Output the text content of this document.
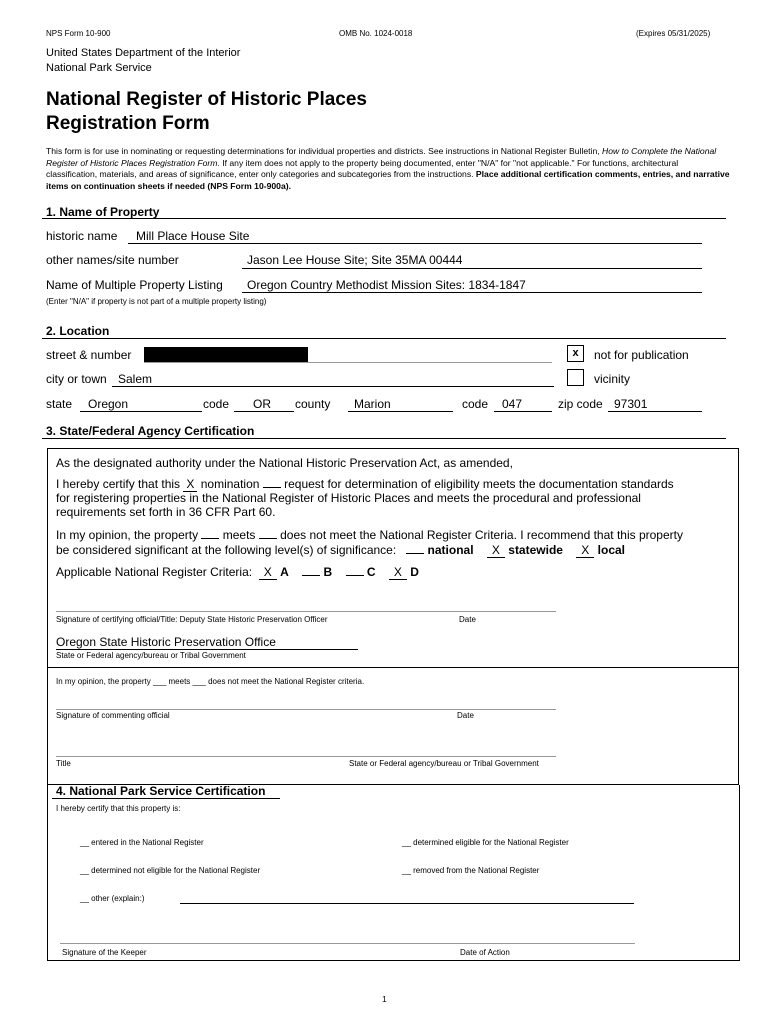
NPS Form 10-900	OMB No. 1024-0018	(Expires 05/31/2025)
United States Department of the Interior
National Park Service
National Register of Historic Places
Registration Form
This form is for use in nominating or requesting determinations for individual properties and districts. See instructions in National Register Bulletin, How to Complete the National Register of Historic Places Registration Form. If any item does not apply to the property being documented, enter "N/A" for "not applicable." For functions, architectural classification, materials, and areas of significance, enter only categories and subcategories from the instructions. Place additional certification comments, entries, and narrative items on continuation sheets if needed (NPS Form 10-900a).
1. Name of Property
historic name Mill Place House Site
other names/site number	Jason Lee House Site; Site 35MA 00444
Name of Multiple Property Listing Oregon Country Methodist Mission Sites: 1834-1847
(Enter "N/A" if property is not part of a multiple property listing)
2. Location
street & number	x	not for publication
city or town Salem	vicinity
state Oregon	code OR county Marion	code 047	zip code 97301
3. State/Federal Agency Certification
As the designated authority under the National Historic Preservation Act, as amended,
I hereby certify that this X nomination  request for determination of eligibility meets the documentation standards
for registering properties in the National Register of Historic Places and meets the procedural and professional
requirements set forth in 36 CFR Part 60.
In my opinion, the property  meets  does not meet the National Register Criteria. I recommend that this property
be considered significant at the following level(s) of significance:	national X statewide X local
Applicable National Register Criteria: X A	B	C X D
Signature of certifying official/Title: Deputy State Historic Preservation Officer	Date
Oregon State Historic Preservation Office
State or Federal agency/bureau or Tribal Government
In my opinion, the property ___ meets ___ does not meet the National Register criteria.
Signature of commenting official	Date
Title	State or Federal agency/bureau or Tribal Government
4. National Park Service Certification
I hereby certify that this property is:
__ entered in the National Register	__ determined eligible for the National Register
__ determined not eligible for the National Register	__ removed from the National Register
__ other (explain:)
Signature of the Keeper	Date of Action
1
